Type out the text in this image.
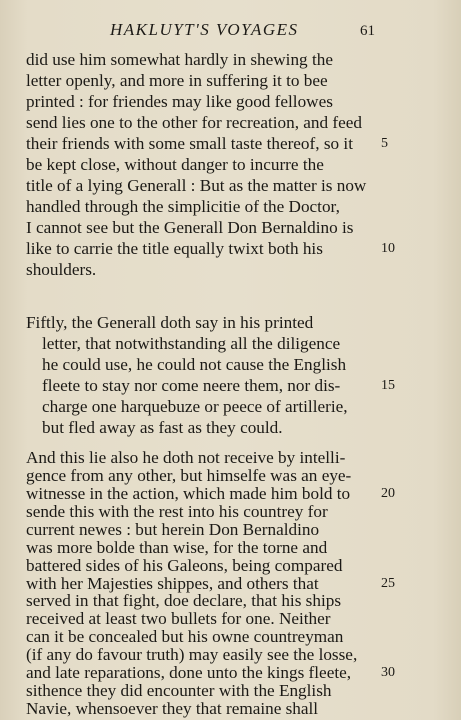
HAKLUYT'S VOYAGES	61
did use him somewhat hardly in shewing the
letter openly, and more in suffering it to bee
printed : for friendes may like good fellowes
send lies one to the other for recreation, and feed
their friends with some small taste thereof, so it
be kept close, without danger to incurre the
title of a lying Generall : But as the matter is now
handled through the simplicitie of the Doctor,
I cannot see but the Generall Don Bernaldino is
like to carrie the title equally twixt both his
shoulders.
Fiftly, the Generall doth say in his printed
letter, that notwithstanding all the diligence
he could use, he could not cause the English
fleete to stay nor come neere them, nor dis-
charge one harquebuze or peece of artillerie,
but fled away as fast as they could.
And this lie also he doth not receive by intelli-
gence from any other, but himselfe was an eye-
witnesse in the action, which made him bold to
sende this with the rest into his countrey for
current newes : but herein Don Bernaldino
was more bolde than wise, for the torne and
battered sides of his Galeons, being compared
with her Majesties shippes, and others that
served in that fight, doe declare, that his ships
received at least two bullets for one. Neither
can it be concealed but his owne countreyman
(if any do favour truth) may easily see the losse,
and late reparations, done unto the kings fleete,
sithence they did encounter with the English
Navie, whensoever they that remaine shall
5
10
15
20
25
30
